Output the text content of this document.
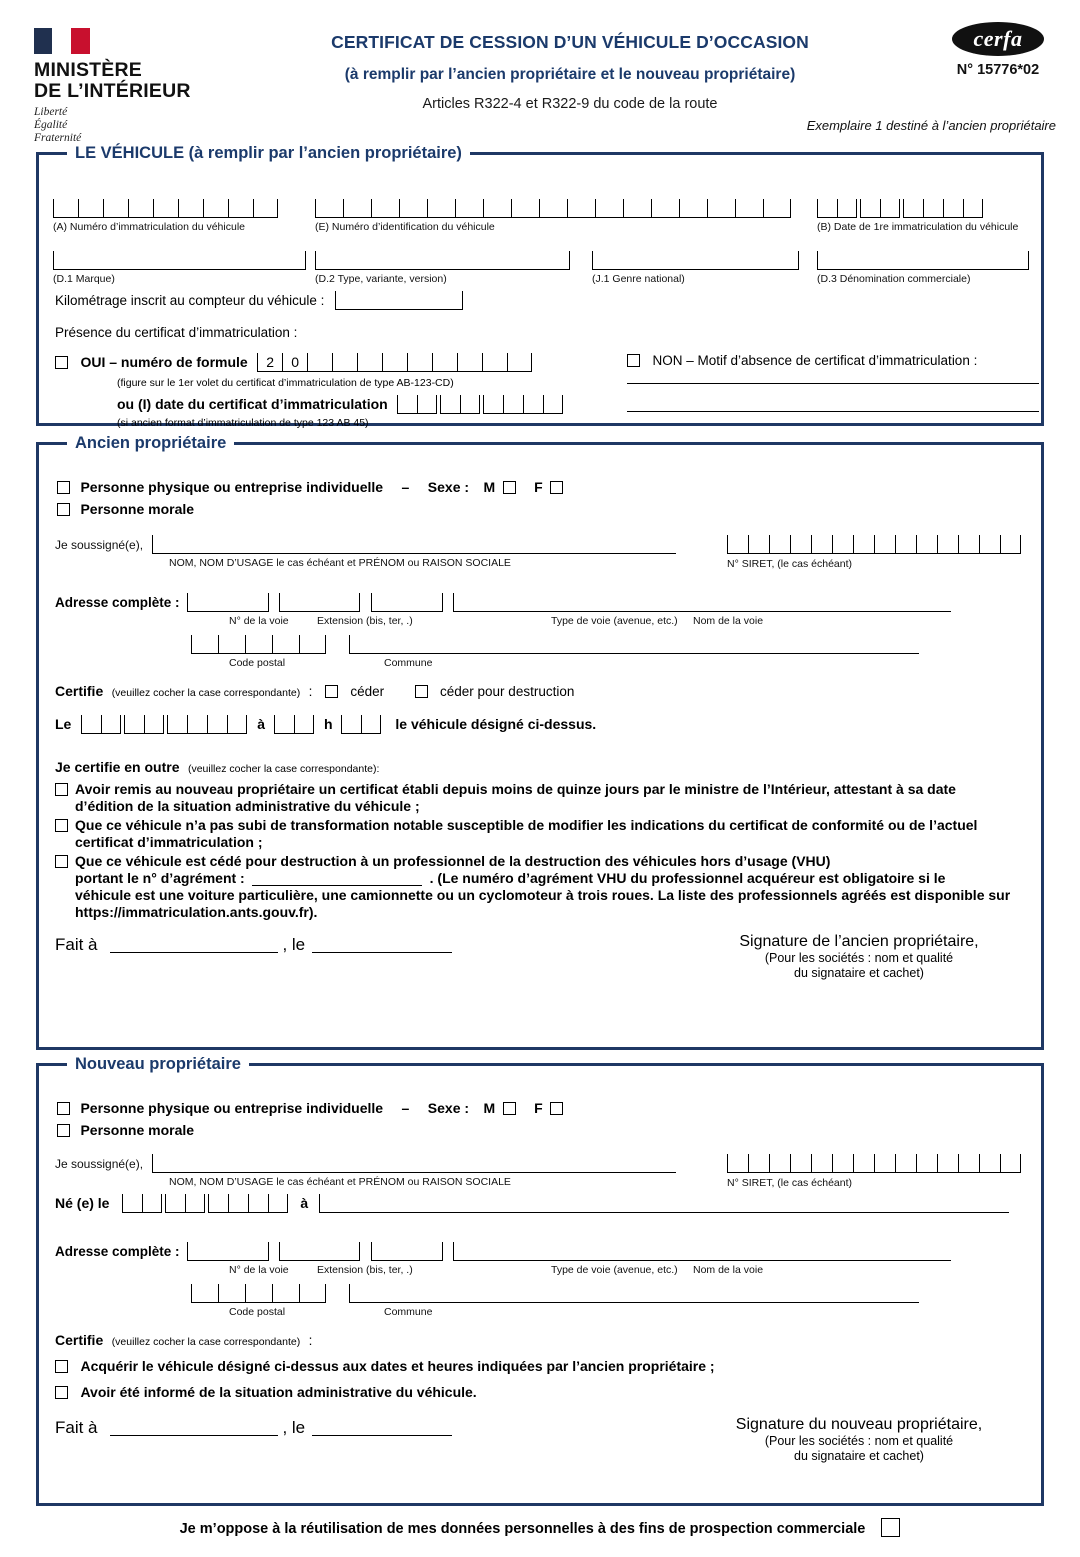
MINISTÈRE
DE L’INTÉRIEUR
Liberté
Égalité
Fraternité
CERTIFICAT DE CESSION D’UN VÉHICULE D’OCCASION
(à remplir par l’ancien propriétaire et le nouveau propriétaire)
Articles R322-4 et R322-9 du code de la route
cerfa
N° 15776*02
Exemplaire 1 destiné à l’ancien propriétaire
LE VÉHICULE (à remplir par l’ancien propriétaire)
(A) Numéro d’immatriculation du véhicule	(E) Numéro d’identification du véhicule	(B) Date de 1re immatriculation du véhicule
(D.1 Marque)	(D.2 Type, variante, version)	(J.1 Genre national)	(D.3 Dénomination commerciale)
Kilométrage inscrit au compteur du véhicule :
Présence du certificat d’immatriculation :
OUI – numéro de formule	2	0
(figure sur le 1er volet du certificat d’immatriculation de type AB-123-CD)
ou (I) date du certificat d’immatriculation
(si ancien format d’immatriculation de type 123 AB 45)
NON – Motif d’absence de certificat d’immatriculation :
Ancien propriétaire
Personne physique ou entreprise individuelle – Sexe : M	F
Personne morale
Je soussigné(e),
NOM, NOM D’USAGE le cas échéant et PRÉNOM ou RAISON SOCIALE	N° SIRET, (le cas échéant)
Adresse complète :
N° de la voie	Extension (bis, ter, .)	Type de voie (avenue, etc.) Nom de la voie

Code postal	Commune
Certifie (veuillez cocher la case correspondante) :	céder	céder pour destruction
Le	à	h	le véhicule désigné ci-dessus.
Je certifie en outre (veuillez cocher la case correspondante):
Avoir remis au nouveau propriétaire un certificat établi depuis moins de quinze jours par le ministre de l’Intérieur, attestant à sa date
d’édition de la situation administrative du véhicule ;
Que ce véhicule n’a pas subi de transformation notable susceptible de modifier les indications du certificat de conformité ou de l’actuel
certificat d’immatriculation ;
Que ce véhicule est cédé pour destruction à un professionnel de la destruction des véhicules hors d’usage (VHU)
portant le n° d’agrément :	. (Le numéro d’agrément VHU du professionnel acquéreur est obligatoire si le
véhicule est une voiture particulière, une camionnette ou un cyclomoteur à trois roues. La liste des professionnels agréés est disponible sur
https://immatriculation.ants.gouv.fr).
Fait à	, le	Signature de l’ancien propriétaire,
(Pour les sociétés : nom et qualité
du signataire et cachet)
Nouveau propriétaire
Personne physique ou entreprise individuelle – Sexe : M	F
Personne morale
Je soussigné(e),
NOM, NOM D’USAGE le cas échéant et PRÉNOM ou RAISON SOCIALE	N° SIRET, (le cas échéant)
Né (e) le	à
Adresse complète :
N° de la voie	Extension (bis, ter, .)	Type de voie (avenue, etc.) Nom de la voie

Code postal	Commune
Certifie (veuillez cocher la case correspondante) :
Acquérir le véhicule désigné ci-dessus aux dates et heures indiquées par l’ancien propriétaire ;
Avoir été informé de la situation administrative du véhicule.
Fait à	, le	Signature du nouveau propriétaire,
(Pour les sociétés : nom et qualité
du signataire et cachet)
Je m’oppose à la réutilisation de mes données personnelles à des fins de prospection commerciale
